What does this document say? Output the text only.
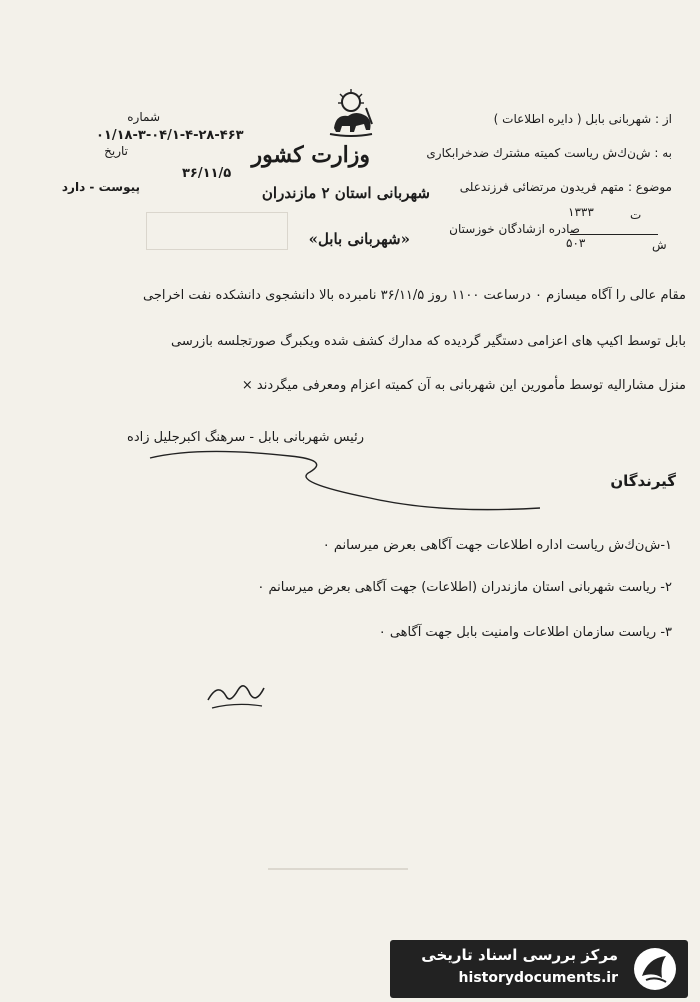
وزارت کشور
شهربانی استان ۲ مازندران
«شهربانی بابل»
از : شهربانی بابل ( دایره اطلاعات )
به : ش‌ن‌ك‌ش‌ ریاست کمیته مشترك ضدخرابکاری
موضوع : متهم فریدون مرتضائی فرزندعلی
۱۳۳۳	ت
صادره ازشادگان خوزستان
۵۰۳	ش
شماره
۰۱/۱۸-۳-۰۴/۱-۴-۲۸-۴۶۳
تاریخ
۳۶/۱۱/۵
پیوست - دارد
مقام عالی را آگاه میسازم ۰ درساعت ۱۱۰۰ روز ۳۶/۱۱/۵ نامبرده بالا دانشجوی دانشکده نفت اخراجی
بابل توسط اکیپ های اعزامی دستگیر گردیده که مدارك کشف شده ویکبرگ صورتجلسه بازرسی
منزل مشارالیه توسط مأمورین این شهربانی به آن کمیته اعزام ومعرفی میگردند ×
رئیس شهربانی بابل - سرهنگ اکبرجلیل زاده
گیرندگان
۱-ش‌ن‌ك‌ش‌ ریاست اداره اطلاعات جهت آگاهی بعرض میرسانم ۰
۲- ریاست شهربانی استان مازندران (اطلاعات) جهت آگاهی بعرض میرسانم ۰
۳- ریاست سازمان اطلاعات وامنیت بابل جهت آگاهی ۰
مرکز بررسی اسناد تاریخی
historydocuments.ir
